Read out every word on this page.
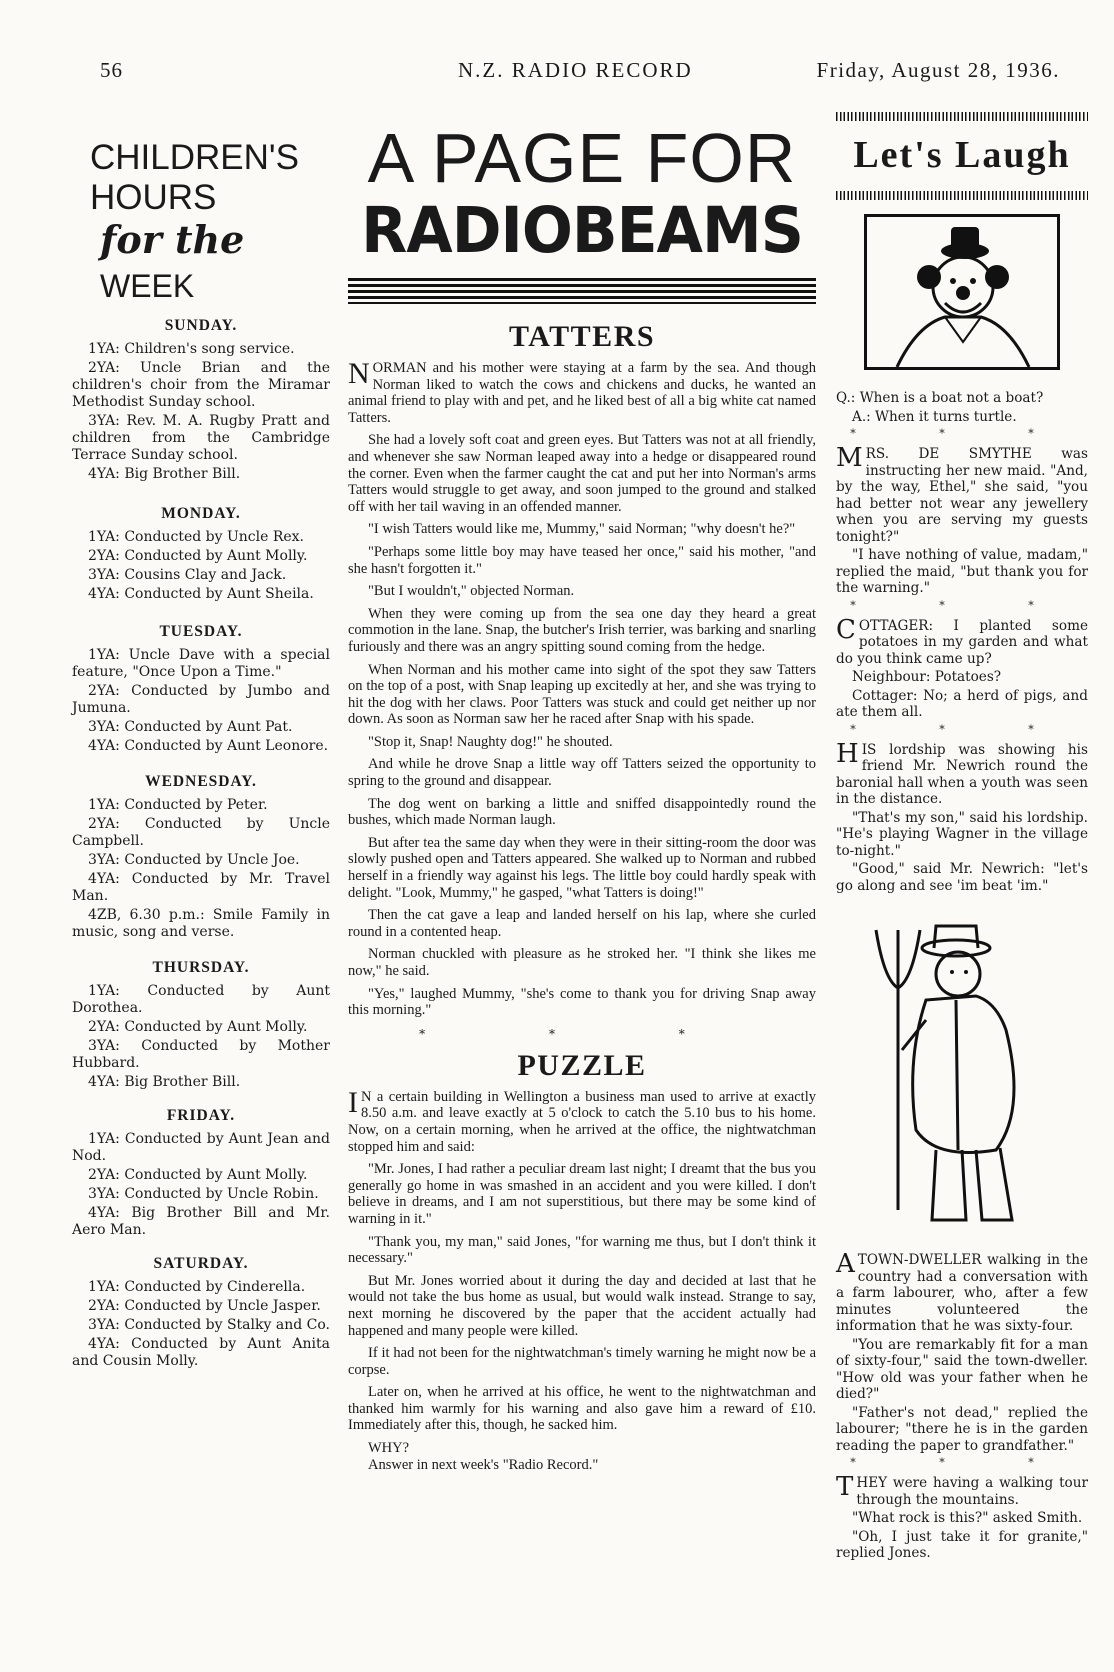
56	N.Z. RADIO RECORD	Friday, August 28, 1936.
CHILDREN'S HOURS
for the WEEK
SUNDAY.

1YA: Children's song service.

2YA: Uncle Brian and the children's choir from the Miramar Methodist Sunday school.

3YA: Rev. M. A. Rugby Pratt and children from the Cambridge Terrace Sunday school.

4YA: Big Brother Bill.

MONDAY.

1YA: Conducted by Uncle Rex.

2YA: Conducted by Aunt Molly.

3YA: Cousins Clay and Jack.

4YA: Conducted by Aunt Sheila.

TUESDAY.

1YA: Uncle Dave with a special feature, "Once Upon a Time."

2YA: Conducted by Jumbo and Jumuna.

3YA: Conducted by Aunt Pat.

4YA: Conducted by Aunt Leonore.

WEDNESDAY.

1YA: Conducted by Peter.

2YA: Conducted by Uncle Campbell.

3YA: Conducted by Uncle Joe.

4YA: Conducted by Mr. Travel Man.

4ZB, 6.30 p.m.: Smile Family in music, song and verse.

THURSDAY.

1YA: Conducted by Aunt Dorothea.

2YA: Conducted by Aunt Molly.

3YA: Conducted by Mother Hubbard.

4YA: Big Brother Bill.

FRIDAY.

1YA: Conducted by Aunt Jean and Nod.

2YA: Conducted by Aunt Molly.

3YA: Conducted by Uncle Robin.

4YA: Big Brother Bill and Mr. Aero Man.

SATURDAY.

1YA: Conducted by Cinderella.

2YA: Conducted by Uncle Jasper.

3YA: Conducted by Stalky and Co.

4YA: Conducted by Aunt Anita and Cousin Molly.

A PAGE FOR
RADIOBEAMS
TATTERS

NORMAN and his mother were staying at a farm by the sea. And though Norman liked to watch the cows and chickens and ducks, he wanted an animal friend to play with and pet, and he liked best of all a big white cat named Tatters.

She had a lovely soft coat and green eyes. But Tatters was not at all friendly, and whenever she saw Norman leaped away into a hedge or disappeared round the corner. Even when the farmer caught the cat and put her into Norman's arms Tatters would struggle to get away, and soon jumped to the ground and stalked off with her tail waving in an offended manner.

"I wish Tatters would like me, Mummy," said Norman; "why doesn't he?"

"Perhaps some little boy may have teased her once," said his mother, "and she hasn't forgotten it."

"But I wouldn't," objected Norman.

When they were coming up from the sea one day they heard a great commotion in the lane. Snap, the butcher's Irish terrier, was barking and snarling furiously and there was an angry spitting sound coming from the hedge.

When Norman and his mother came into sight of the spot they saw Tatters on the top of a post, with Snap leaping up excitedly at her, and she was trying to hit the dog with her claws. Poor Tatters was stuck and could get neither up nor down. As soon as Norman saw her he raced after Snap with his spade.

"Stop it, Snap! Naughty dog!" he shouted.

And while he drove Snap a little way off Tatters seized the opportunity to spring to the ground and disappear.

The dog went on barking a little and sniffed disappointedly round the bushes, which made Norman laugh.

But after tea the same day when they were in their sitting-room the door was slowly pushed open and Tatters appeared. She walked up to Norman and rubbed herself in a friendly way against his legs. The little boy could hardly speak with delight. "Look, Mummy," he gasped, "what Tatters is doing!"

Then the cat gave a leap and landed herself on his lap, where she curled round in a contented heap.

Norman chuckled with pleasure as he stroked her. "I think she likes me now," he said.

"Yes," laughed Mummy, "she's come to thank you for driving Snap away this morning."

* * *
PUZZLE

I N a certain building in Wellington a business man used to arrive at exactly 8.50 a.m. and leave exactly at 5 o'clock to catch the 5.10 bus to his home. Now, on a certain morning, when he arrived at the office, the nightwatchman stopped him and said:

"Mr. Jones, I had rather a peculiar dream last night; I dreamt that the bus you generally go home in was smashed in an accident and you were killed. I don't believe in dreams, and I am not superstitious, but there may be some kind of warning in it."

"Thank you, my man," said Jones, "for warning me thus, but I don't think it necessary."

But Mr. Jones worried about it during the day and decided at last that he would not take the bus home as usual, but would walk instead. Strange to say, next morning he discovered by the paper that the accident actually had happened and many people were killed.

If it had not been for the nightwatchman's timely warning he might now be a corpse.

Later on, when he arrived at his office, he went to the nightwatchman and thanked him warmly for his warning and also gave him a reward of £10. Immediately after this, though, he sacked him.

WHY?
Answer in next week's "Radio Record."
Let's Laugh

Q.: When is a boat not a boat?

A.: When it turns turtle.

* * *

MRS. DE SMYTHE was instructing her new maid. "And, by the way, Ethel," she said, "you had better not wear any jewellery when you are serving my guests tonight?"

"I have nothing of value, madam," replied the maid, "but thank you for the warning."

* * *

COTTAGER: I planted some potatoes in my garden and what do you think came up?

Neighbour: Potatoes?

Cottager: No; a herd of pigs, and ate them all.

* * *

HIS lordship was showing his friend Mr. Newrich round the baronial hall when a youth was seen in the distance.

"That's my son," said his lordship. "He's playing Wagner in the village to-night."

"Good," said Mr. Newrich: "let's go along and see 'im beat 'im."

ATOWN-DWELLER walking in the country had a conversation with a farm labourer, who, after a few minutes volunteered the information that he was sixty-four.

"You are remarkably fit for a man of sixty-four," said the town-dweller. "How old was your father when he died?"

"Father's not dead," replied the labourer; "there he is in the garden reading the paper to grandfather."

* * *

THEY were having a walking tour through the mountains.

"What rock is this?" asked Smith.

"Oh, I just take it for granite," replied Jones.
